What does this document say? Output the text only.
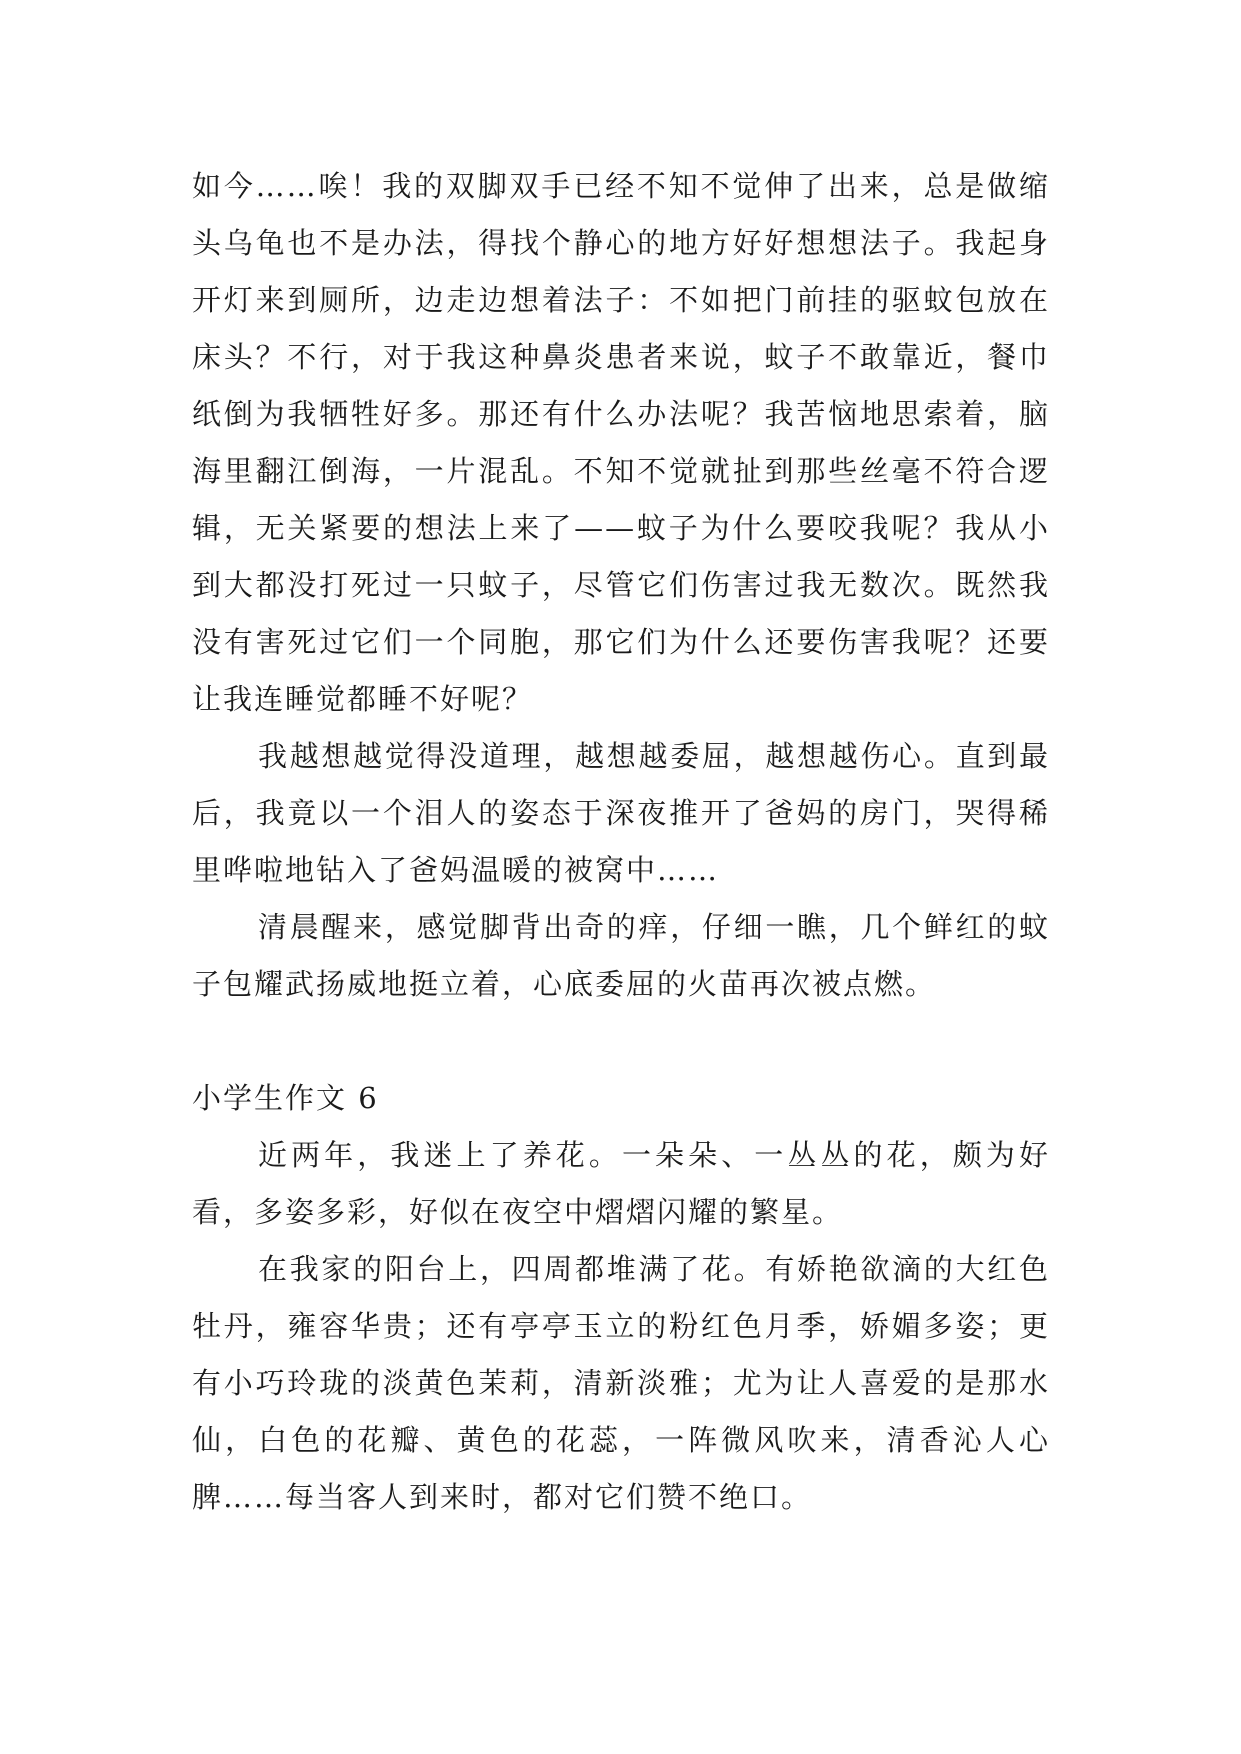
如今……唉！我的双脚双手已经不知不觉伸了出来，总是做缩头乌龟也不是办法，得找个静心的地方好好想想法子。我起身开灯来到厕所，边走边想着法子：不如把门前挂的驱蚊包放在床头？不行，对于我这种鼻炎患者来说，蚊子不敢靠近，餐巾纸倒为我牺牲好多。那还有什么办法呢？我苦恼地思索着，脑海里翻江倒海，一片混乱。不知不觉就扯到那些丝毫不符合逻辑，无关紧要的想法上来了——蚊子为什么要咬我呢？我从小到大都没打死过一只蚊子，尽管它们伤害过我无数次。既然我没有害死过它们一个同胞，那它们为什么还要伤害我呢？还要让我连睡觉都睡不好呢？

我越想越觉得没道理，越想越委屈，越想越伤心。直到最后，我竟以一个泪人的姿态于深夜推开了爸妈的房门，哭得稀里哗啦地钻入了爸妈温暖的被窝中……

清晨醒来，感觉脚背出奇的痒，仔细一瞧，几个鲜红的蚊子包耀武扬威地挺立着，心底委屈的火苗再次被点燃。

小学生作文 6

近两年，我迷上了养花。一朵朵、一丛丛的花，颇为好看，多姿多彩，好似在夜空中熠熠闪耀的繁星。

在我家的阳台上，四周都堆满了花。有娇艳欲滴的大红色牡丹，雍容华贵；还有亭亭玉立的粉红色月季，娇媚多姿；更有小巧玲珑的淡黄色茉莉，清新淡雅；尤为让人喜爱的是那水仙，白色的花瓣、黄色的花蕊，一阵微风吹来，清香沁人心脾……每当客人到来时，都对它们赞不绝口。
